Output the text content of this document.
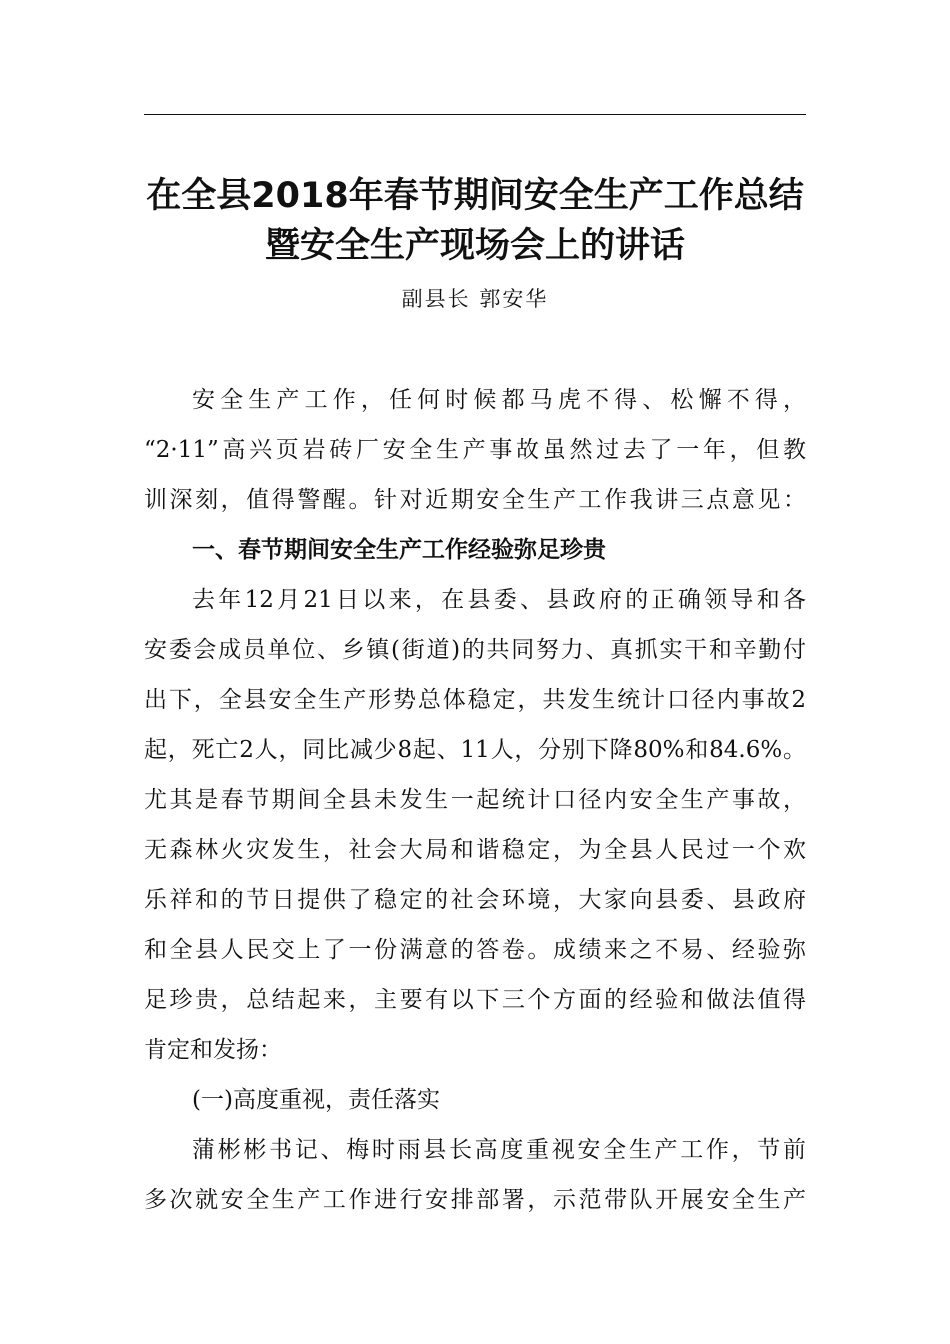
在全县2018年春节期间安全生产工作总结
暨安全生产现场会上的讲话
副县长 郭安华
安全生产工作，任何时候都马虎不得、松懈不得，
“2·11”高兴页岩砖厂安全生产事故虽然过去了一年，但教
训深刻，值得警醒。针对近期安全生产工作我讲三点意见：
一、春节期间安全生产工作经验弥足珍贵
去年12月21日以来，在县委、县政府的正确领导和各
安委会成员单位、乡镇(街道)的共同努力、真抓实干和辛勤付
出下，全县安全生产形势总体稳定，共发生统计口径内事故2
起，死亡2人，同比减少8起、11人，分别下降80%和84.6%。
尤其是春节期间全县未发生一起统计口径内安全生产事故，
无森林火灾发生，社会大局和谐稳定，为全县人民过一个欢
乐祥和的节日提供了稳定的社会环境，大家向县委、县政府
和全县人民交上了一份满意的答卷。成绩来之不易、经验弥
足珍贵，总结起来，主要有以下三个方面的经验和做法值得
肯定和发扬：
(一)高度重视，责任落实
蒲彬彬书记、梅时雨县长高度重视安全生产工作，节前
多次就安全生产工作进行安排部署，示范带队开展安全生产
